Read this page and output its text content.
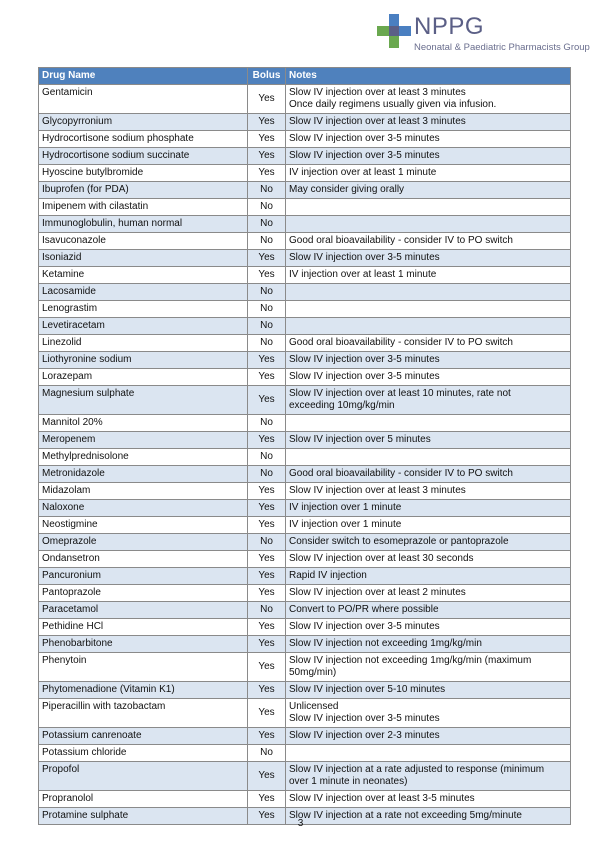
NPPG
Neonatal & Paediatric Pharmacists Group
Drug Name	Bolus	Notes
Gentamicin	Yes	Slow IV injection over at least 3 minutes
Once daily regimens usually given via infusion.

Glycopyrronium	Yes	Slow IV injection over at least 3 minutes

Hydrocortisone sodium phosphate	Yes	Slow IV injection over 3-5 minutes

Hydrocortisone sodium succinate	Yes	Slow IV injection over 3-5 minutes

Hyoscine butylbromide	Yes	IV injection over at least 1 minute

Ibuprofen (for PDA)	No	May consider giving orally

Imipenem with cilastatin	No	
Immunoglobulin, human normal	No	
Isavuconazole	No	Good oral bioavailability - consider IV to PO switch

Isoniazid	Yes	Slow IV injection over 3-5 minutes

Ketamine	Yes	IV injection over at least 1 minute

Lacosamide	No	
Lenograstim	No	
Levetiracetam	No	
Linezolid	No	Good oral bioavailability - consider IV to PO switch

Liothyronine sodium	Yes	Slow IV injection over 3-5 minutes

Lorazepam	Yes	Slow IV injection over 3-5 minutes

Magnesium sulphate	Yes	Slow IV injection over at least 10 minutes, rate not
exceeding 10mg/kg/min

Mannitol 20%	No	
Meropenem	Yes	Slow IV injection over 5 minutes

Methylprednisolone	No	
Metronidazole	No	Good oral bioavailability - consider IV to PO switch

Midazolam	Yes	Slow IV injection over at least 3 minutes

Naloxone	Yes	IV injection over 1 minute

Neostigmine	Yes	IV injection over 1 minute

Omeprazole	No	Consider switch to esomeprazole or pantoprazole

Ondansetron	Yes	Slow IV injection over at least 30 seconds

Pancuronium	Yes	Rapid IV injection

Pantoprazole	Yes	Slow IV injection over at least 2 minutes

Paracetamol	No	Convert to PO/PR where possible

Pethidine HCl	Yes	Slow IV injection over 3-5 minutes

Phenobarbitone	Yes	Slow IV injection not exceeding 1mg/kg/min

Phenytoin	Yes	Slow IV injection not exceeding 1mg/kg/min (maximum
50mg/min)

Phytomenadione (Vitamin K1)	Yes	Slow IV injection over 5-10 minutes

Piperacillin with tazobactam	Yes	Unlicensed
Slow IV injection over 3-5 minutes

Potassium canrenoate	Yes	Slow IV injection over 2-3 minutes

Potassium chloride	No	
Propofol	Yes	Slow IV injection at a rate adjusted to response (minimum
over 1 minute in neonates)

Propranolol	Yes	Slow IV injection over at least 3-5 minutes

Protamine sulphate	Yes	Slow IV injection at a rate not exceeding 5mg/minute
3
